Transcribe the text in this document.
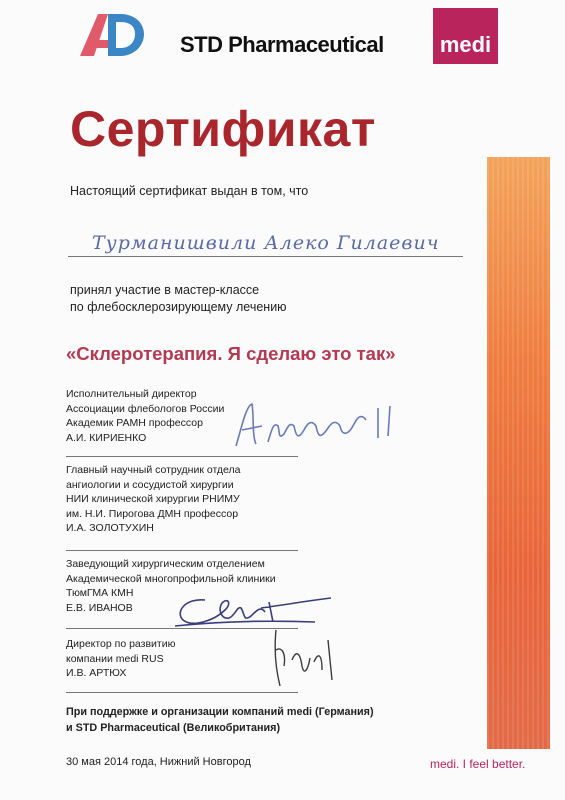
STD Pharmaceutical	medi
Сертификат
Настоящий сертификат выдан в том, что
Турманишвили Алеко Гилаевич
принял участие в мастер-классе
по флебосклерозирующему лечению
«Склеротерапия. Я сделаю это так»
Исполнительный директор
Ассоциации флебологов России
Академик РАМН профессор
А.И. КИРИЕНКО
Главный научный сотрудник отдела
ангиологии и сосудистой хирургии
НИИ клинической хирургии РНИМУ
им. Н.И. Пирогова ДМН профессор
И.А. ЗОЛОТУХИН
Заведующий хирургическим отделением
Академической многопрофильной клиники
ТюмГМА КМН
Е.В. ИВАНОВ
Директор по развитию
компании medi RUS
И.В. АРТЮХ
При поддержке и организации компаний medi (Германия)
и STD Pharmaceutical (Великобритания)
30 мая 2014 года, Нижний Новгород	medi. I feel better.
